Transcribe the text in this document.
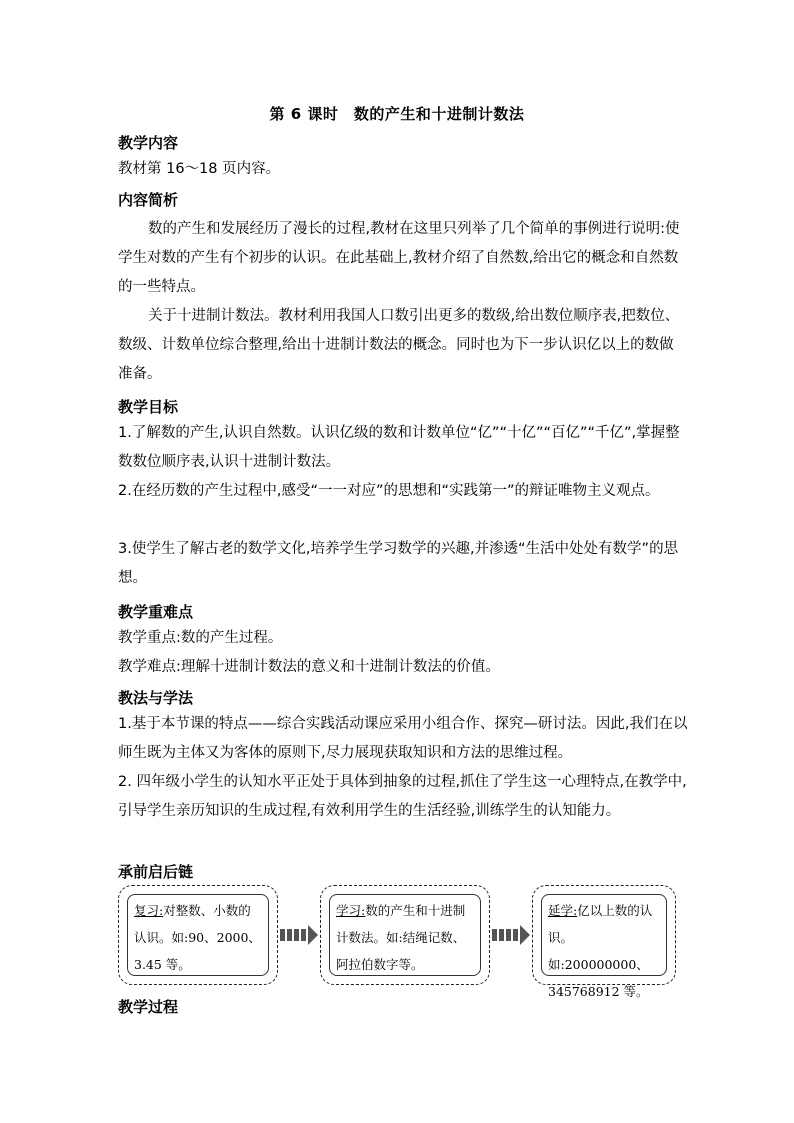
第 6 课时　数的产生和十进制计数法
教学内容
教材第 16～18 页内容。
内容简析
数的产生和发展经历了漫长的过程,教材在这里只列举了几个简单的事例进行说明:使学生对数的产生有个初步的认识。在此基础上,教材介绍了自然数,给出它的概念和自然数的一些特点。
关于十进制计数法。教材利用我国人口数引出更多的数级,给出数位顺序表,把数位、数级、计数单位综合整理,给出十进制计数法的概念。同时也为下一步认识亿以上的数做准备。
教学目标
1.了解数的产生,认识自然数。认识亿级的数和计数单位“亿”“十亿”“百亿”“千亿”,掌握整数数位顺序表,认识十进制计数法。
2.在经历数的产生过程中,感受“一一对应”的思想和“实践第一”的辩证唯物主义观点。
3.使学生了解古老的数学文化,培养学生学习数学的兴趣,并渗透“生活中处处有数学”的思想。
教学重难点
教学重点:数的产生过程。
教学难点:理解十进制计数法的意义和十进制计数法的价值。
教法与学法
1.基于本节课的特点——综合实践活动课应采用小组合作、探究—研讨法。因此,我们在以师生既为主体又为客体的原则下,尽力展现获取知识和方法的思维过程。
2. 四年级小学生的认知水平正处于具体到抽象的过程,抓住了学生这一心理特点,在教学中,引导学生亲历知识的生成过程,有效利用学生的生活经验,训练学生的认知能力。
承前启后链
复习:对整数、小数的认识。如:90、2000、3.45 等。
学习:数的产生和十进制计数法。如:结绳记数、阿拉伯数字等。
延学:亿以上数的认识。如:200000000、345768912 等。
教学过程
